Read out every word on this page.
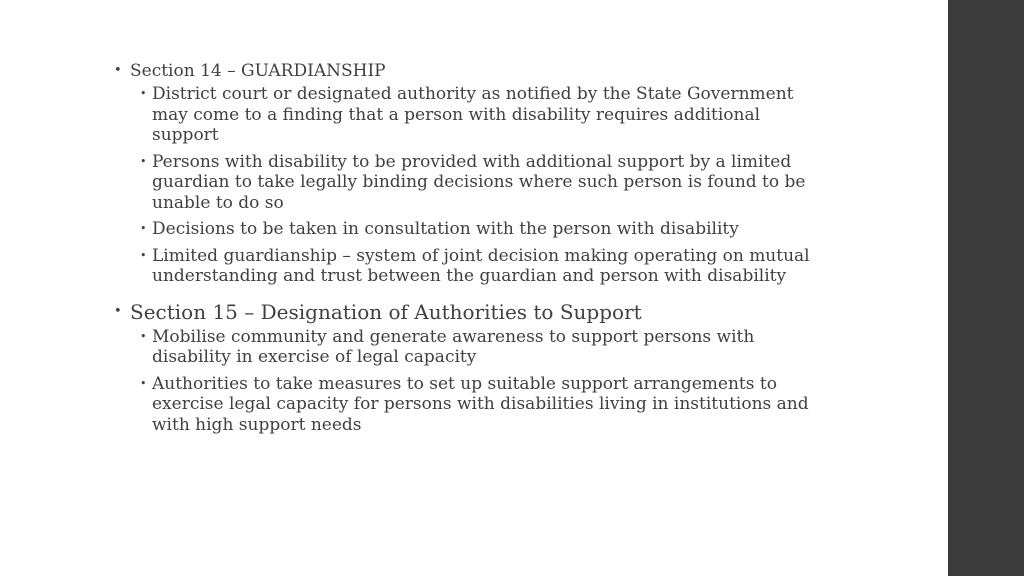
• Section 14 – GUARDIANSHIP
• District court or designated authority as notified by the State Government may come to a finding that a person with disability requires additional support
• Persons with disability to be provided with additional support by a limited guardian to take legally binding decisions where such person is found to be unable to do so
• Decisions to be taken in consultation with the person with disability
• Limited guardianship – system of joint decision making operating on mutual understanding and trust between the guardian and person with disability
• Section 15 – Designation of Authorities to Support
• Mobilise community and generate awareness to support persons with disability in exercise of legal capacity
• Authorities to take measures to set up suitable support arrangements to exercise legal capacity for persons with disabilities living in institutions and with high support needs
